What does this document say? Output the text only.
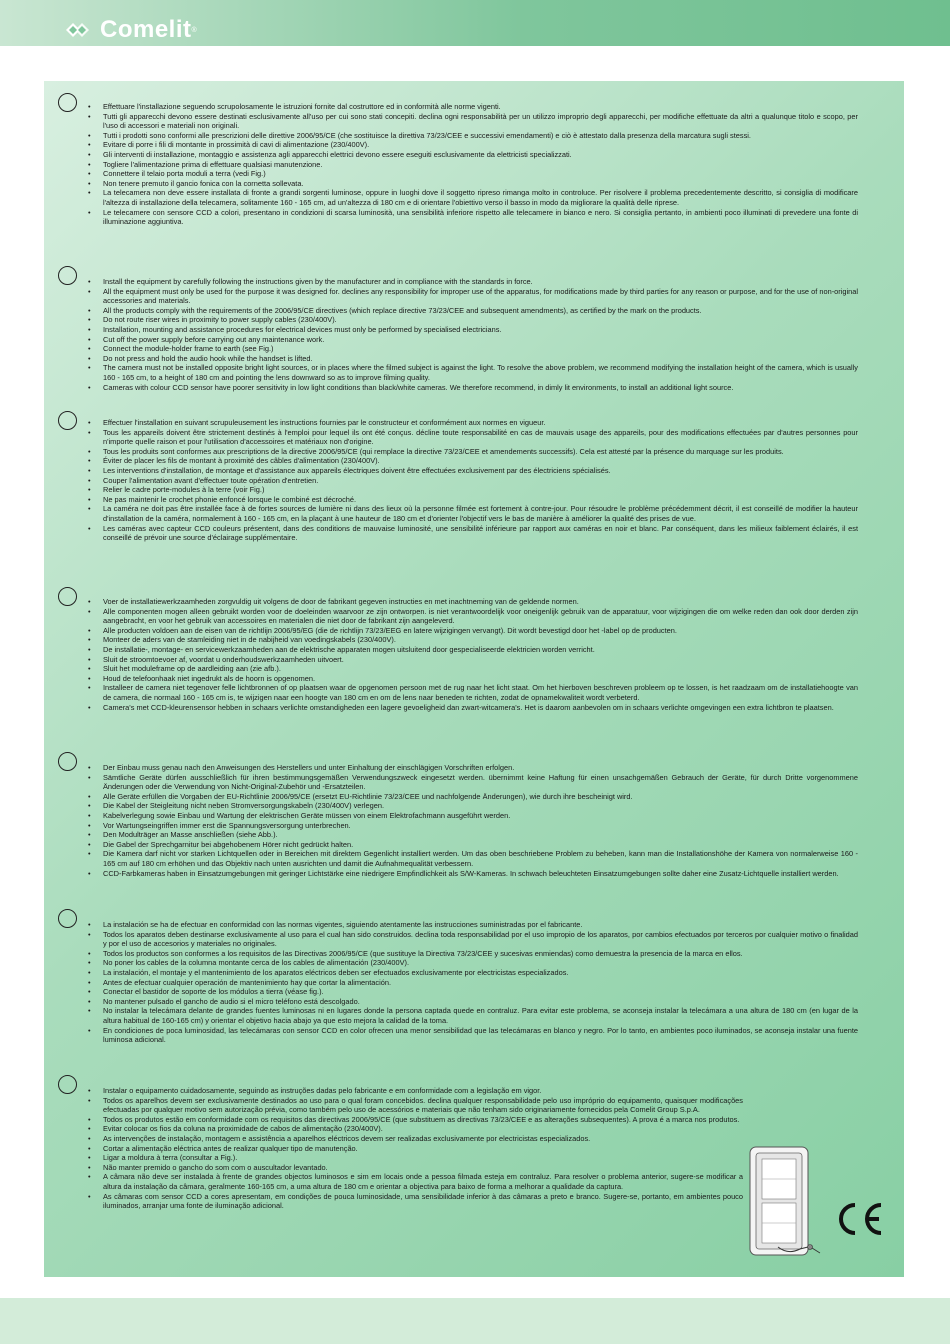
Comelit ®
• Effettuare l'installazione seguendo scrupolosamente le istruzioni fornite dal costruttore ed in conformità alle norme vigenti.
• Tutti gli apparecchi devono essere destinati esclusivamente all'uso per cui sono stati concepiti. declina ogni responsabilità per un utilizzo improprio degli apparecchi, per modifiche effettuate da altri a qualunque titolo e scopo, per l'uso di accessori e materiali non originali.
• Tutti i prodotti sono conformi alle prescrizioni delle direttive 2006/95/CE (che sostituisce la direttiva 73/23/CEE e successivi emendamenti) e ciò è attestato dalla presenza della marcatura sugli stessi.
• Evitare di porre i fili di montante in prossimità di cavi di alimentazione (230/400V).
• Gli interventi di installazione, montaggio e assistenza agli apparecchi elettrici devono essere eseguiti esclusivamente da elettricisti specializzati.
• Togliere l'alimentazione prima di effettuare qualsiasi manutenzione.
• Connettere il telaio porta moduli a terra (vedi Fig.)
• Non tenere premuto il gancio fonica con la cornetta sollevata.
• La telecamera non deve essere installata di fronte a grandi sorgenti luminose, oppure in luoghi dove il soggetto ripreso rimanga molto in controluce. Per risolvere il problema precedentemente descritto, si consiglia di modificare l'altezza di installazione della telecamera, solitamente 160 - 165 cm, ad un'altezza di 180 cm e di orientare l'obiettivo verso il basso in modo da migliorare la qualità delle riprese.
• Le telecamere con sensore CCD a colori, presentano in condizioni di scarsa luminosità, una sensibilità inferiore rispetto alle telecamere in bianco e nero. Si consiglia pertanto, in ambienti poco illuminati di prevedere una fonte di illuminazione aggiuntiva.
• Install the equipment by carefully following the instructions given by the manufacturer and in compliance with the standards in force.
• All the equipment must only be used for the purpose it was designed for. declines any responsibility for improper use of the apparatus, for modifications made by third parties for any reason or purpose, and for the use of non-original accessories and materials.
• All the products comply with the requirements of the 2006/95/CE directives (which replace directive 73/23/CEE and subsequent amendments), as certified by the mark on the products.
• Do not route riser wires in proximity to power supply cables (230/400V).
• Installation, mounting and assistance procedures for electrical devices must only be performed by specialised electricians.
• Cut off the power supply before carrying out any maintenance work.
• Connect the module-holder frame to earth (see Fig.)
• Do not press and hold the audio hook while the handset is lifted.
• The camera must not be installed opposite bright light sources, or in places where the filmed subject is against the light. To resolve the above problem, we recommend modifying the installation height of the camera, which is usually 160 - 165 cm, to a height of 180 cm and pointing the lens downward so as to improve filming quality.
• Cameras with colour CCD sensor have poorer sensitivity in low light conditions than black/white cameras. We therefore recommend, in dimly lit environments, to install an additional light source.
• Effectuer l'installation en suivant scrupuleusement les instructions fournies par le constructeur et conformément aux normes en vigueur.
• Tous les appareils doivent être strictement destinés à l'emploi pour lequel ils ont été conçus. décline toute responsabilité en cas de mauvais usage des appareils, pour des modifications effectuées par d'autres personnes pour n'importe quelle raison et pour l'utilisation d'accessoires et matériaux non d'origine.
• Tous les produits sont conformes aux prescriptions de la directive 2006/95/CE (qui remplace la directive 73/23/CEE et amendements successifs). Cela est attesté par la présence du marquage sur les produits.
• Éviter de placer les fils de montant à proximité des câbles d'alimentation (230/400V).
• Les interventions d'installation, de montage et d'assistance aux appareils électriques doivent être effectuées exclusivement par des électriciens spécialisés.
• Couper l'alimentation avant d'effectuer toute opération d'entretien.
• Relier le cadre porte-modules à la terre (voir Fig.)
• Ne pas maintenir le crochet phonie enfoncé lorsque le combiné est décroché.
• La caméra ne doit pas être installée face à de fortes sources de lumière ni dans des lieux où la personne filmée est fortement à contre-jour. Pour résoudre le problème précédemment décrit, il est conseillé de modifier la hauteur d'installation de la caméra, normalement à 160 - 165 cm, en la plaçant à une hauteur de 180 cm et d'orienter l'objectif vers le bas de manière à améliorer la qualité des prises de vue.
• Les caméras avec capteur CCD couleurs présentent, dans des conditions de mauvaise luminosité, une sensibilité inférieure par rapport aux caméras en noir et blanc. Par conséquent, dans les milieux faiblement éclairés, il est conseillé de prévoir une source d'éclairage supplémentaire.
• Voer de installatiewerkzaamheden zorgvuldig uit volgens de door de fabrikant gegeven instructies en met inachtneming van de geldende normen.
• Alle componenten mogen alleen gebruikt worden voor de doeleinden waarvoor ze zijn ontworpen. is niet verantwoordelijk voor oneigenlijk gebruik van de apparatuur, voor wijzigingen die om welke reden dan ook door derden zijn aangebracht, en voor het gebruik van accessoires en materialen die niet door de fabrikant zijn aangeleverd.
• Alle producten voldoen aan de eisen van de richtlijn 2006/95/EG (die de richtlijn 73/23/EEG en latere wijzigingen vervangt). Dit wordt bevestigd door het -label op de producten.
• Monteer de aders van de stamleiding niet in de nabijheid van voedingskabels (230/400V).
• De installatie-, montage- en servicewerkzaamheden aan de elektrische apparaten mogen uitsluitend door gespecialiseerde elektricien worden verricht.
• Sluit de stroomtoevoer af, voordat u onderhoudswerkzaamheden uitvoert.
• Sluit het moduleframe op de aardleiding aan (zie afb.).
• Houd de telefoonhaak niet ingedrukt als de hoorn is opgenomen.
• Installeer de camera niet tegenover felle lichtbronnen of op plaatsen waar de opgenomen persoon met de rug naar het licht staat. Om het hierboven beschreven probleem op te lossen, is het raadzaam om de installatiehoogte van de camera, die normaal 160 - 165 cm is, te wijzigen naar een hoogte van 180 cm en om de lens naar beneden te richten, zodat de opnamekwaliteit wordt verbeterd.
• Camera's met CCD-kleurensensor hebben in schaars verlichte omstandigheden een lagere gevoeligheid dan zwart-witcamera's. Het is daarom aanbevolen om in schaars verlichte omgevingen een extra lichtbron te plaatsen.
• Der Einbau muss genau nach den Anweisungen des Herstellers und unter Einhaltung der einschlägigen Vorschriften erfolgen.
• Sämtliche Geräte dürfen ausschließlich für ihren bestimmungsgemäßen Verwendungszweck eingesetzt werden. übernimmt keine Haftung für einen unsachgemäßen Gebrauch der Geräte, für durch Dritte vorgenommene Änderungen oder die Verwendung von Nicht-Original-Zubehör und -Ersatzteilen.
• Alle Geräte erfüllen die Vorgaben der EU-Richtlinie 2006/95/CE (ersetzt EU-Richtlinie 73/23/CEE und nachfolgende Änderungen), wie durch ihre bescheinigt wird.
• Die Kabel der Steigleitung nicht neben Stromversorgungskabeln (230/400V) verlegen.
• Kabelverlegung sowie Einbau und Wartung der elektrischen Geräte müssen von einem Elektrofachmann ausgeführt werden.
• Vor Wartungseingriffen immer erst die Spannungsversorgung unterbrechen.
• Den Modulträger an Masse anschließen (siehe Abb.).
• Die Gabel der Sprechgarnitur bei abgehobenem Hörer nicht gedrückt halten.
• Die Kamera darf nicht vor starken Lichtquellen oder in Bereichen mit direktem Gegenlicht installiert werden. Um das oben beschriebene Problem zu beheben, kann man die Installationshöhe der Kamera von normalerweise 160 - 165 cm auf 180 cm erhöhen und das Objektiv nach unten ausrichten und damit die Aufnahmequalität verbessern.
• CCD-Farbkameras haben in Einsatzumgebungen mit geringer Lichtstärke eine niedrigere Empfindlichkeit als S/W-Kameras. In schwach beleuchteten Einsatzumgebungen sollte daher eine Zusatz-Lichtquelle installiert werden.
• La instalación se ha de efectuar en conformidad con las normas vigentes, siguiendo atentamente las instrucciones suministradas por el fabricante.
• Todos los aparatos deben destinarse exclusivamente al uso para el cual han sido construidos. declina toda responsabilidad por el uso impropio de los aparatos, por cambios efectuados por terceros por cualquier motivo o finalidad y por el uso de accesorios y materiales no originales.
• Todos los productos son conformes a los requisitos de las Directivas 2006/95/CE (que sustituye la Directiva 73/23/CEE y sucesivas enmiendas) como demuestra la presencia de la marca en ellos.
• No poner los cables de la columna montante cerca de los cables de alimentación (230/400V).
• La instalación, el montaje y el mantenimiento de los aparatos eléctricos deben ser efectuados exclusivamente por electricistas especializados.
• Antes de efectuar cualquier operación de mantenimiento hay que cortar la alimentación.
• Conectar el bastidor de soporte de los módulos a tierra (véase fig.).
• No mantener pulsado el gancho de audio si el micro teléfono está descolgado.
• No instalar la telecámara delante de grandes fuentes luminosas ni en lugares donde la persona captada quede en contraluz. Para evitar este problema, se aconseja instalar la telecámara a una altura de 180 cm (en lugar de la altura habitual de 160-165 cm) y orientar el objetivo hacia abajo ya que esto mejora la calidad de la toma.
• En condiciones de poca luminosidad, las telecámaras con sensor CCD en color ofrecen una menor sensibilidad que las telecámaras en blanco y negro. Por lo tanto, en ambientes poco iluminados, se aconseja instalar una fuente luminosa adicional.
• Instalar o equipamento cuidadosamente, seguindo as instruções dadas pelo fabricante e em conformidade com a legislação em vigor.
• Todos os aparelhos devem ser exclusivamente destinados ao uso para o qual foram concebidos. declina qualquer responsabilidade pelo uso impróprio do equipamento, quaisquer modificações efectuadas por qualquer motivo sem autorização prévia, como também pelo uso de acessórios e materiais que não tenham sido originariamente fornecidos pela Comelit Group S.p.A.
• Todos os produtos estão em conformidade com os requisitos das directivas 2006/95/CE (que substituem as directivas 73/23/CEE e as alterações subsequentes). A prova é a marca nos produtos.
• Evitar colocar os fios da coluna na proximidade de cabos de alimentação (230/400V).
• As intervenções de instalação, montagem e assistência a aparelhos eléctricos devem ser realizadas exclusivamente por electricistas especializados.
• Cortar a alimentação eléctrica antes de realizar qualquer tipo de manutenção.
• Ligar a moldura à terra (consultar a Fig.).
• Não manter premido o gancho do som com o auscultador levantado.
• A câmara não deve ser instalada à frente de grandes objectos luminosos e sim em locais onde a pessoa filmada esteja em contraluz. Para resolver o problema anterior, sugere-se modificar a altura da instalação da câmara, geralmente 160-165 cm, a uma altura de 180 cm e orientar a objectiva para baixo de forma a melhorar a qualidade da captura.
• As câmaras com sensor CCD a cores apresentam, em condições de pouca luminosidade, uma sensibilidade inferior à das câmaras a preto e branco. Sugere-se, portanto, em ambientes pouco iluminados, arranjar uma fonte de iluminação adicional.
